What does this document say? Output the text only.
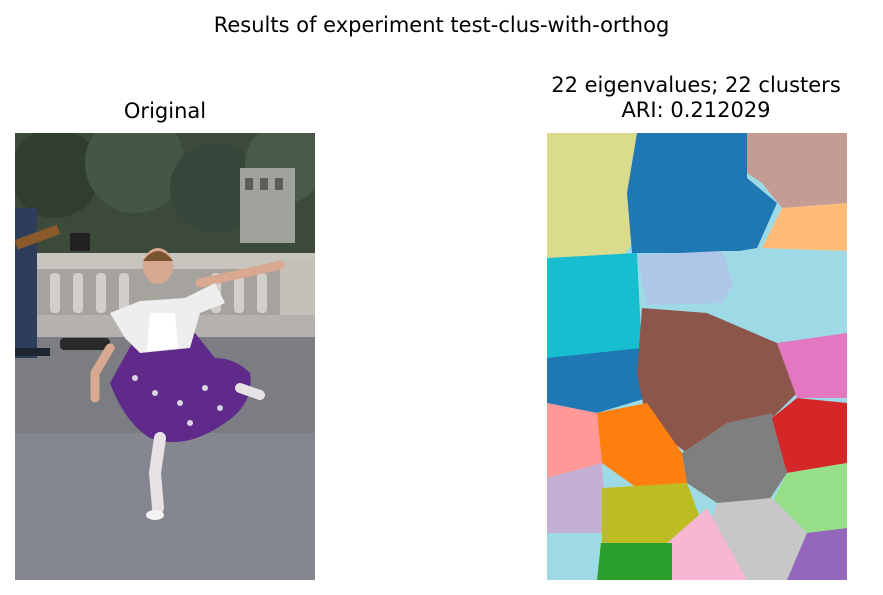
Results of experiment test-clus-with-orthog
Original
22 eigenvalues; 22 clusters
ARI: 0.212029
